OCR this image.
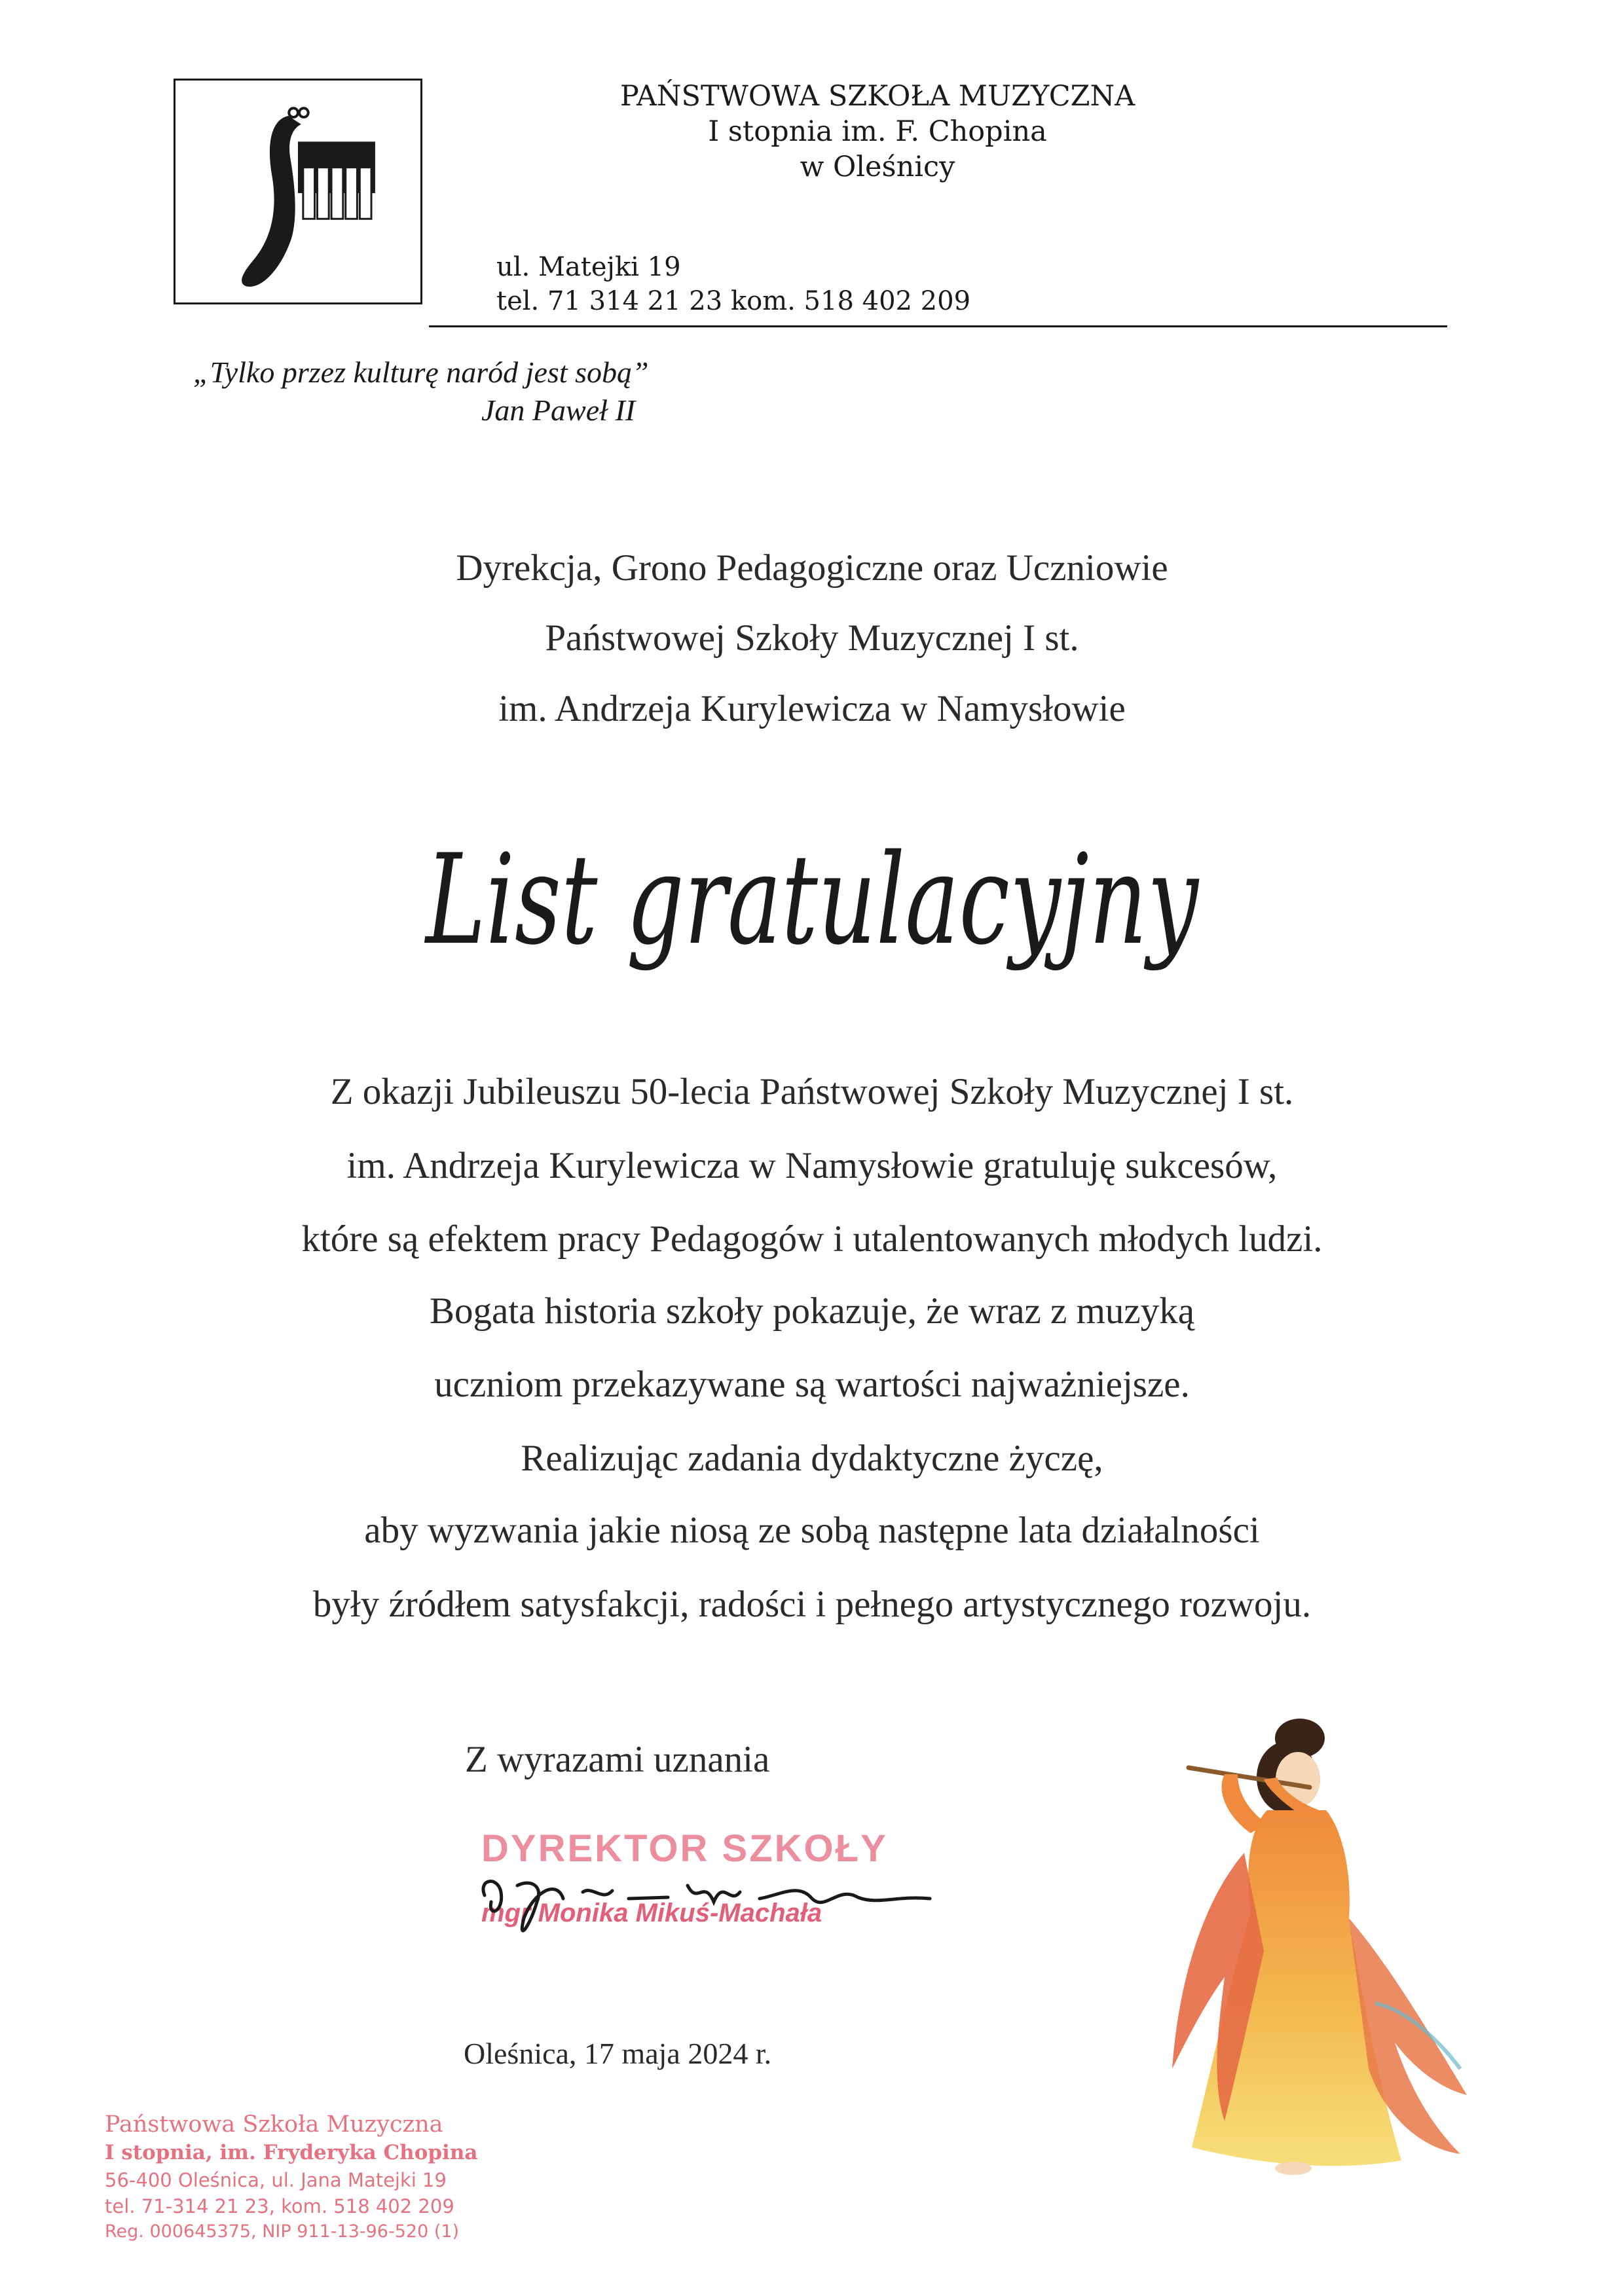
PAŃSTWOWA SZKOŁA MUZYCZNA
I stopnia im. F. Chopina
w Oleśnicy
ul. Matejki 19
tel. 71 314 21 23 kom. 518 402 209
„Tylko przez kulturę naród jest sobą”
Jan Paweł II
Dyrekcja, Grono Pedagogiczne oraz Uczniowie
Państwowej Szkoły Muzycznej I st.
im. Andrzeja Kurylewicza w Namysłowie
List gratulacyjny
Z okazji Jubileuszu 50-lecia Państwowej Szkoły Muzycznej I st.
im. Andrzeja Kurylewicza w Namysłowie gratuluję sukcesów,
które są efektem pracy Pedagogów i utalentowanych młodych ludzi.
Bogata historia szkoły pokazuje, że wraz z muzyką
uczniom przekazywane są wartości najważniejsze.
Realizując zadania dydaktyczne życzę,
aby wyzwania jakie niosą ze sobą następne lata działalności
były źródłem satysfakcji, radości i pełnego artystycznego rozwoju.
Z wyrazami uznania
DYREKTOR SZKOŁY
mgr Monika Mikuś-Machała
Oleśnica, 17 maja 2024 r.
Państwowa Szkoła Muzyczna
I stopnia, im. Fryderyka Chopina
56-400 Oleśnica, ul. Jana Matejki 19
tel. 71-314 21 23, kom. 518 402 209
Reg. 000645375, NIP 911-13-96-520 (1)
